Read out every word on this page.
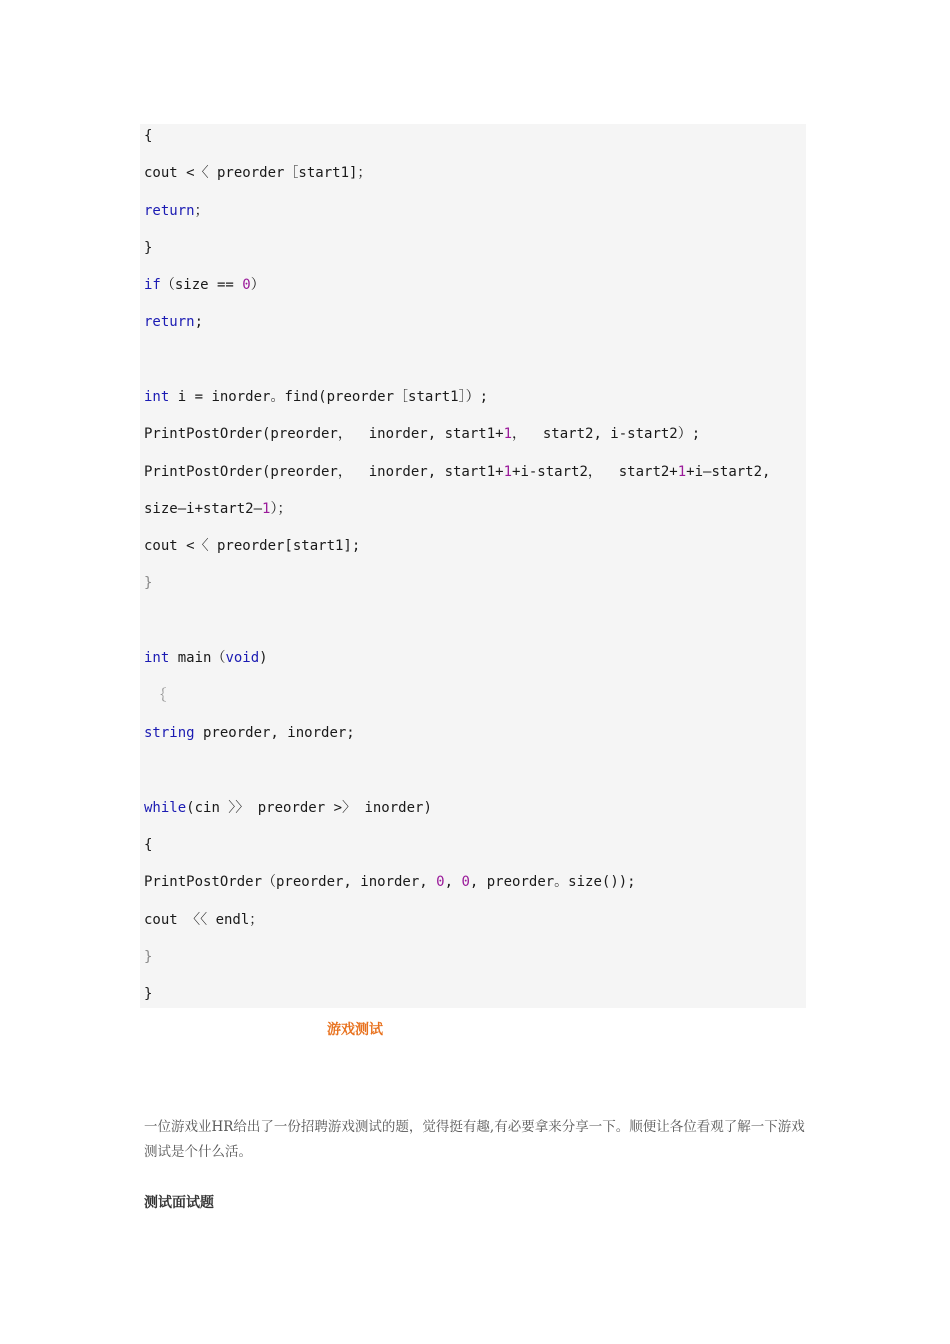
{
cout <〈 preorder［start1]；
return；
}
if（size == 0）
return;
int i = inorder。find(preorder［start1］）;
PrintPostOrder(preorder，  inorder, start1+1，  start2, i-start2）;
PrintPostOrder(preorder，  inorder, start1+1+i-start2，  start2+1+i—start2,
size—i+start2—1）；
cout <〈 preorder[start1];
}
int main（void)
｛
string preorder, inorder;
while(cin 〉〉 preorder >〉 inorder)
{
PrintPostOrder（preorder, inorder, 0, 0, preorder。size());
cout 〈〈 endl；
}
}
游戏测试
一位游戏业HR给出了一份招聘游戏测试的题，觉得挺有趣,有必要拿来分享一下。顺便让各位看观了解一下游戏测试是个什么活。
测试面试题
